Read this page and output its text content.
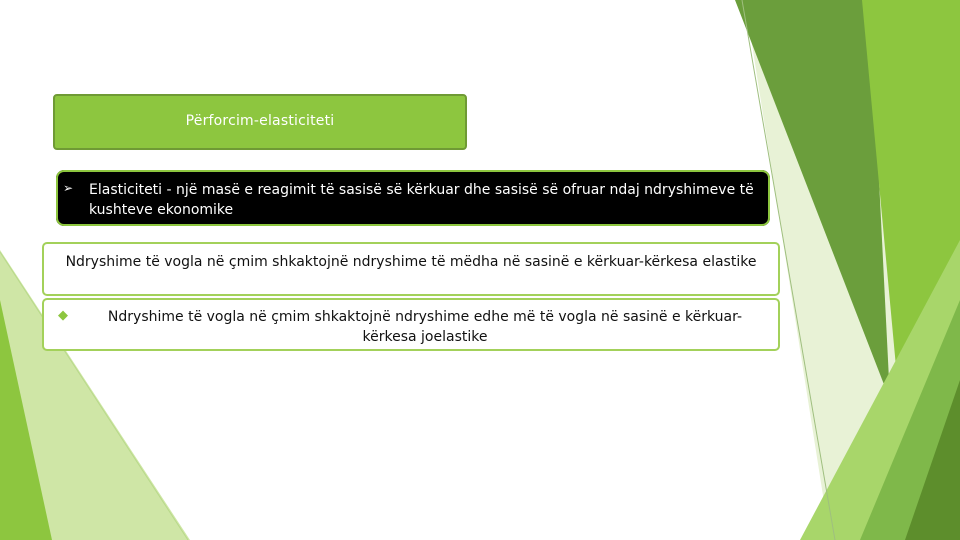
Përforcim-elasticiteti
➢ Elasticiteti - një masë e reagimit të sasisë së kërkuar dhe sasisë së ofruar ndaj ndryshimeve të kushteve ekonomike
Ndryshime të vogla në çmim shkaktojnë ndryshime të mëdha në sasinë e kërkuar-kërkesa elastike
◆	Ndryshime të vogla në çmim shkaktojnë ndryshime edhe më të vogla në sasinë e kërkuar-kërkesa joelastike
